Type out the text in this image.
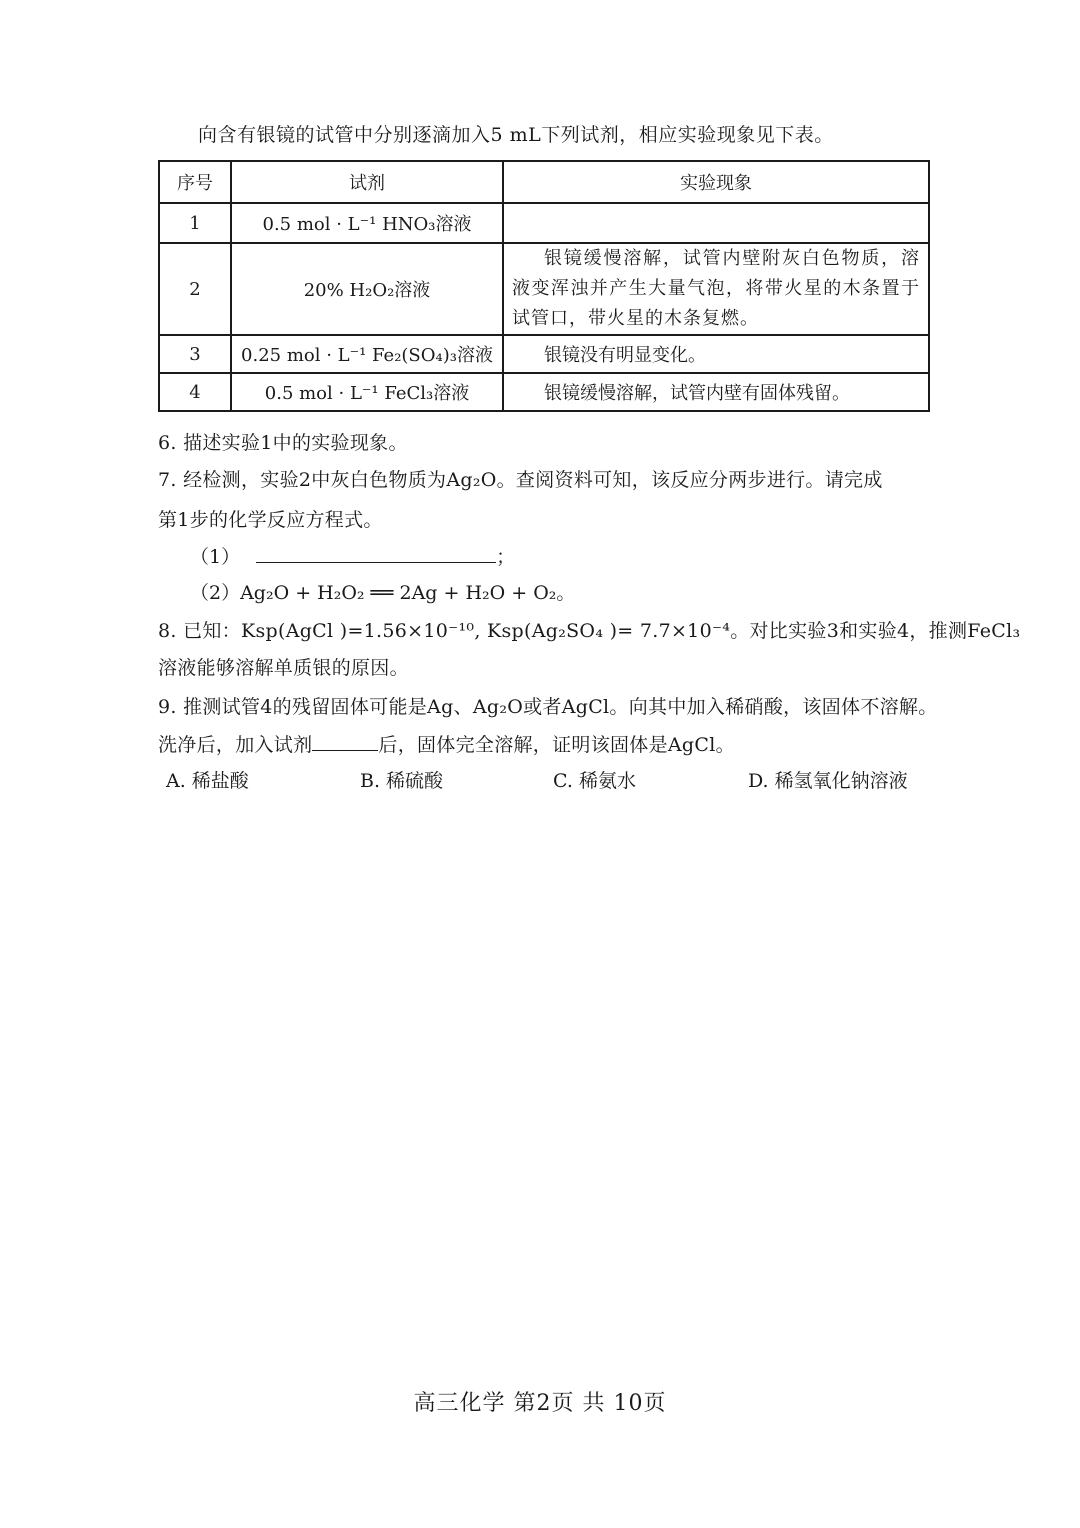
向含有银镜的试管中分别逐滴加入5 mL下列试剂，相应实验现象见下表。
序号	试剂	实验现象
1	0.5 mol · L⁻¹ HNO₃溶液	
2	20% H₂O₂溶液	银镜缓慢溶解，试管内壁附灰白色物质，溶液变浑浊并产生大量气泡，将带火星的木条置于试管口，带火星的木条复燃。
3	0.25 mol · L⁻¹ Fe₂(SO₄)₃溶液	银镜没有明显变化。
4	0.5 mol · L⁻¹ FeCl₃溶液	银镜缓慢溶解，试管内壁有固体残留。
6. 描述实验1中的实验现象。
7. 经检测，实验2中灰白色物质为Ag₂O。查阅资料可知，该反应分两步进行。请完成
第1步的化学反应方程式。
（1）	；
（2）Ag₂O + H₂O₂ ══ 2Ag + H₂O + O₂。
8. 已知：Ksp(AgCl )=1.56×10⁻¹⁰, Ksp(Ag₂SO₄ )= 7.7×10⁻⁴。对比实验3和实验4，推测FeCl₃
溶液能够溶解单质银的原因。
9. 推测试管4的残留固体可能是Ag、Ag₂O或者AgCl。向其中加入稀硝酸，该固体不溶解。
洗净后，加入试剂	后，固体完全溶解，证明该固体是AgCl。
A. 稀盐酸	B. 稀硫酸	C. 稀氨水	D. 稀氢氧化钠溶液
高三化学 第2页 共 10页
